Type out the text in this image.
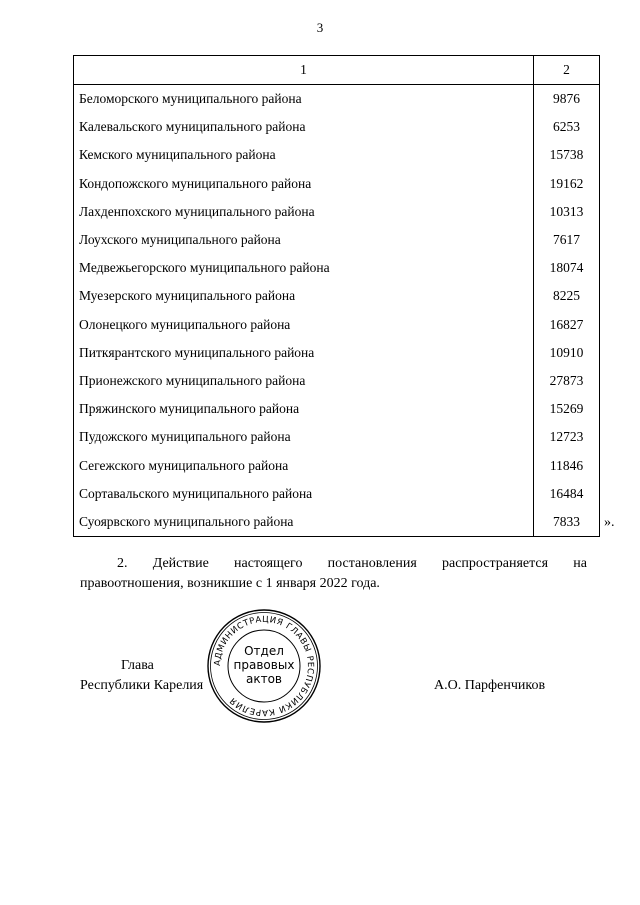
3
1	2
Беломорского муниципального района	9876
Калевальского муниципального района	6253
Кемского муниципального района	15738
Кондопожского муниципального района	19162
Лахденпохского муниципального района	10313
Лоухского муниципального района	7617
Медвежьегорского муниципального района	18074
Муезерского муниципального района	8225
Олонецкого муниципального района	16827
Питкярантского муниципального района	10910
Прионежского муниципального района	27873
Пряжинского муниципального района	15269
Пудожского муниципального района	12723
Сегежского муниципального района	11846
Сортавальского муниципального района	16484
Суоярвского муниципального района	7833 ».
2. Действие настоящего постановления распространяется на
правоотношения, возникшие с 1 января 2022 года.
Глава
Республики Карелия	А.О. Парфенчиков
АДМИНИСТРАЦИЯ ГЛАВЫ РЕСПУБЛИКИ КАРЕЛИЯ
Отдел
правовых
актов
